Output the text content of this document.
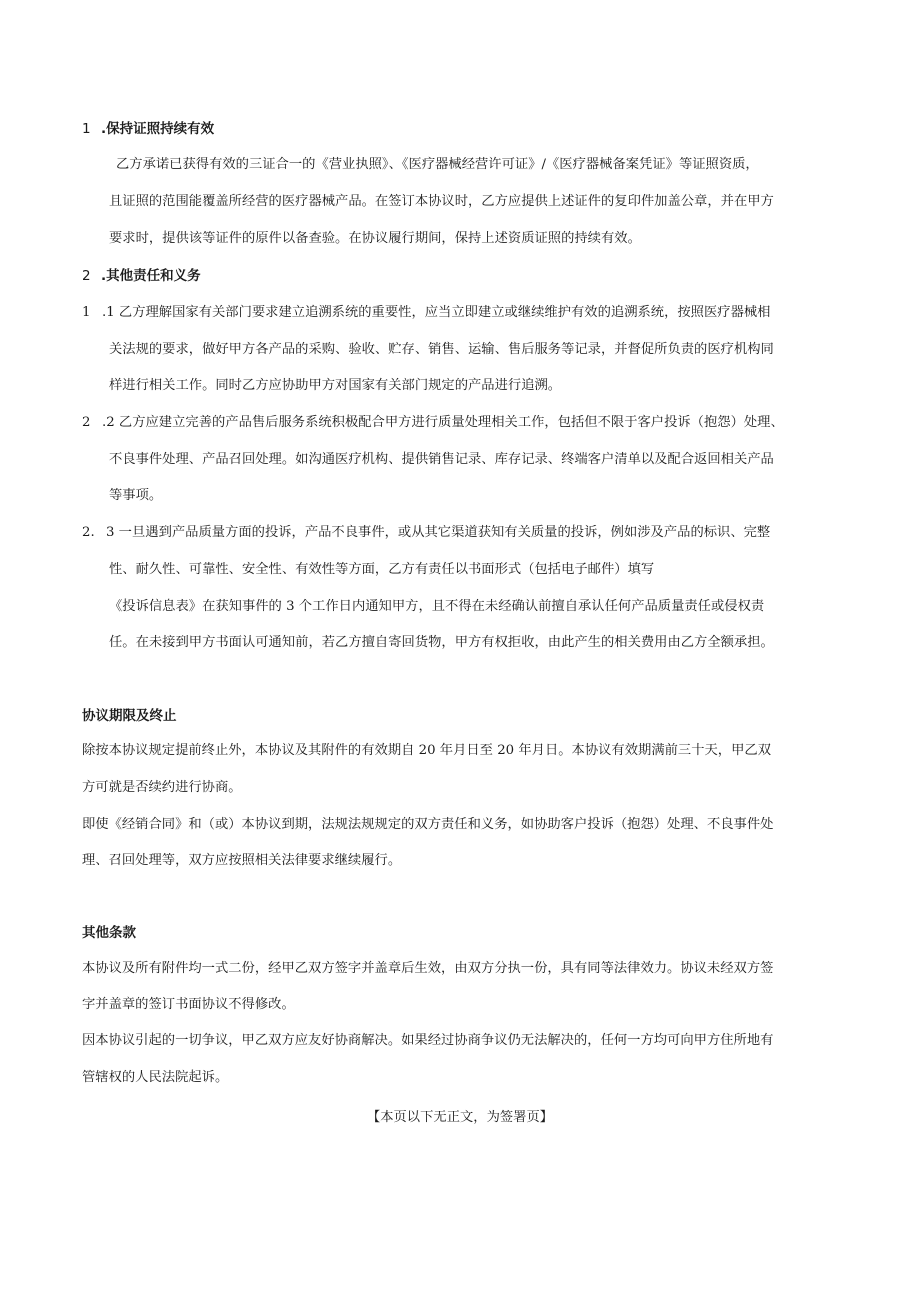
1 .保持证照持续有效
乙方承诺已获得有效的三证合一的《营业执照》、《医疗器械经营许可证》/《医疗器械备案凭证》等证照资质，
且证照的范围能覆盖所经营的医疗器械产品。在签订本协议时，乙方应提供上述证件的复印件加盖公章，并在甲方
要求时，提供该等证件的原件以备查验。在协议履行期间，保持上述资质证照的持续有效。
2 .其他责任和义务
1 .1 乙方理解国家有关部门要求建立追溯系统的重要性，应当立即建立或继续维护有效的追溯系统，按照医疗器械相
关法规的要求，做好甲方各产品的采购、验收、贮存、销售、运输、售后服务等记录，并督促所负责的医疗机构同
样进行相关工作。同时乙方应协助甲方对国家有关部门规定的产品进行追溯。
2 .2 乙方应建立完善的产品售后服务系统积极配合甲方进行质量处理相关工作，包括但不限于客户投诉（抱怨）处理、
不良事件处理、产品召回处理。如沟通医疗机构、提供销售记录、库存记录、终端客户清单以及配合返回相关产品
等事项。
2. 3 一旦遇到产品质量方面的投诉，产品不良事件，或从其它渠道获知有关质量的投诉，例如涉及产品的标识、完整
性、耐久性、可靠性、安全性、有效性等方面，乙方有责任以书面形式（包括电子邮件）填写
《投诉信息表》在获知事件的 3 个工作日内通知甲方，且不得在未经确认前擅自承认任何产品质量责任或侵权责
任。在未接到甲方书面认可通知前，若乙方擅自寄回货物，甲方有权拒收，由此产生的相关费用由乙方全额承担。
协议期限及终止
除按本协议规定提前终止外，本协议及其附件的有效期自 20 年月日至 20 年月日。本协议有效期满前三十天，甲乙双
方可就是否续约进行协商。
即使《经销合同》和（或）本协议到期，法规法规规定的双方责任和义务，如协助客户投诉（抱怨）处理、不良事件处
理、召回处理等，双方应按照相关法律要求继续履行。
其他条款
本协议及所有附件均一式二份，经甲乙双方签字并盖章后生效，由双方分执一份，具有同等法律效力。协议未经双方签
字并盖章的签订书面协议不得修改。
因本协议引起的一切争议，甲乙双方应友好协商解决。如果经过协商争议仍无法解决的，任何一方均可向甲方住所地有
管辖权的人民法院起诉。
【本页以下无正文，为签署页】
